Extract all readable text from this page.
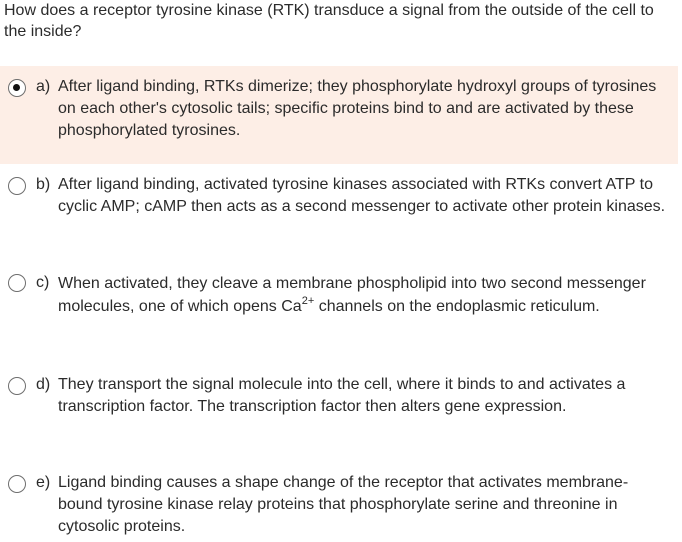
How does a receptor tyrosine kinase (RTK) transduce a signal from the outside of the cell to the inside?
a) After ligand binding, RTKs dimerize; they phosphorylate hydroxyl groups of tyrosines on each other's cytosolic tails; specific proteins bind to and are activated by these phosphorylated tyrosines.
b) After ligand binding, activated tyrosine kinases associated with RTKs convert ATP to cyclic AMP; cAMP then acts as a second messenger to activate other protein kinases.
c) When activated, they cleave a membrane phospholipid into two second messenger molecules, one of which opens $Ca^{2+}$ channels on the endoplasmic reticulum.
d) They transport the signal molecule into the cell, where it binds to and activates a transcription factor. The transcription factor then alters gene expression.
e) Ligand binding causes a shape change of the receptor that activates membrane-bound tyrosine kinase relay proteins that phosphorylate serine and threonine in cytosolic proteins.
